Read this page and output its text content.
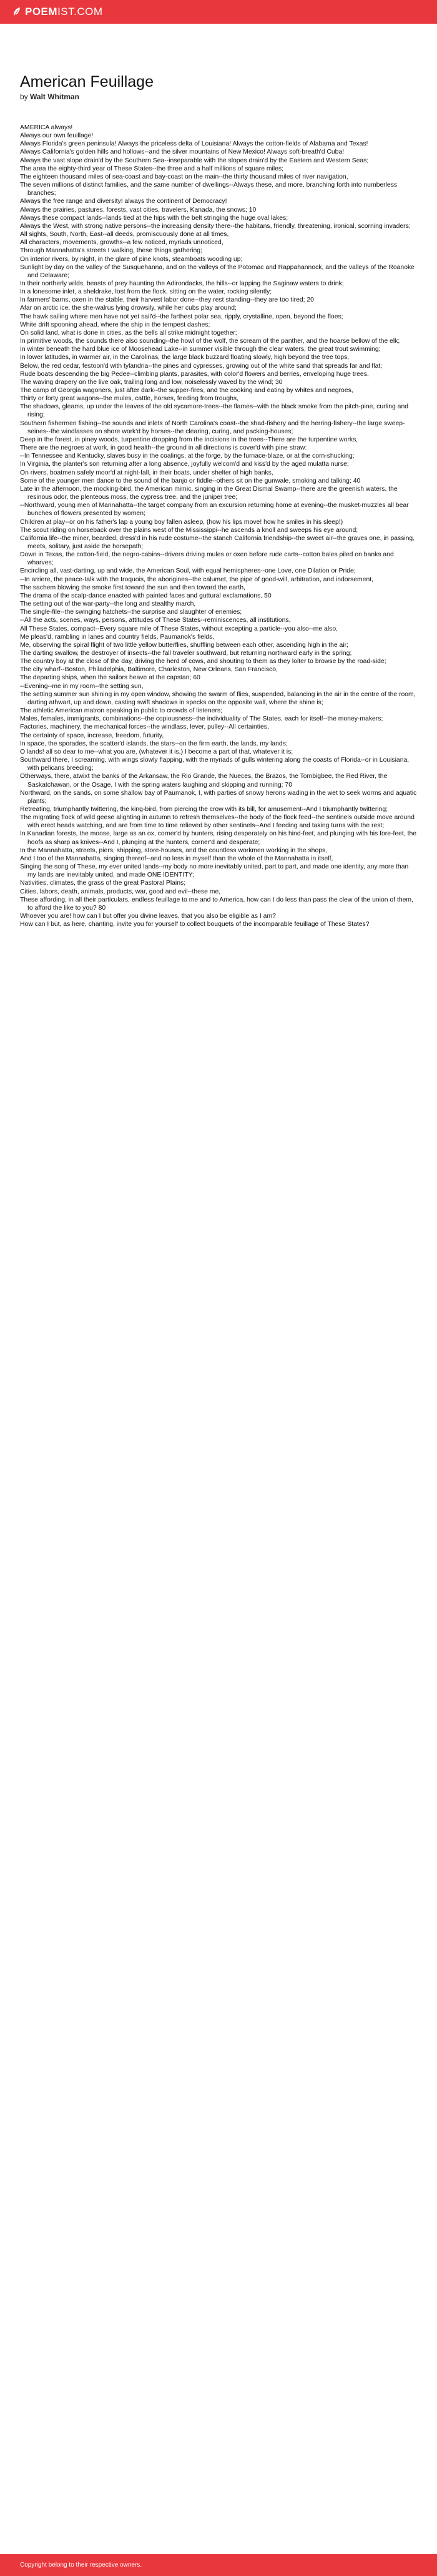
POEMIST.COM
American Feuillage
by Walt Whitman
AMERICA always!
Always our own feuillage!
Always Florida's green peninsula! Always the priceless delta of Louisiana! Always the cotton-fields of Alabama and Texas!
Always California's golden hills and hollows--and the silver mountains of New Mexico! Always soft-breath'd Cuba!
Always the vast slope drain'd by the Southern Sea--inseparable with the slopes drain'd by the Eastern and Western Seas;
The area the eighty-third year of These States--the three and a half millions of square miles;
The eighteen thousand miles of sea-coast and bay-coast on the main--the thirty thousand miles of river navigation,
The seven millions of distinct families, and the same number of dwellings--Always these, and more, branching forth into numberless branches;
Always the free range and diversity! always the continent of Democracy!
Always the prairies, pastures, forests, vast cities, travelers, Kanada, the snows; 10
Always these compact lands--lands tied at the hips with the belt stringing the huge oval lakes;
Always the West, with strong native persons--the increasing density there--the habitans, friendly, threatening, ironical, scorning invaders;
All sights, South, North, East--all deeds, promiscuously done at all times,
All characters, movements, growths--a few noticed, myriads unnoticed,
Through Mannahatta's streets I walking, these things gathering;
On interior rivers, by night, in the glare of pine knots, steamboats wooding up;
Sunlight by day on the valley of the Susquehanna, and on the valleys of the Potomac and Rappahannock, and the valleys of the Roanoke and Delaware;
In their northerly wilds, beasts of prey haunting the Adirondacks, the hills--or lapping the Saginaw waters to drink;
In a lonesome inlet, a sheldrake, lost from the flock, sitting on the water, rocking silently;
In farmers' barns, oxen in the stable, their harvest labor done--they rest standing--they are too tired; 20
Afar on arctic ice, the she-walrus lying drowsily, while her cubs play around;
The hawk sailing where men have not yet sail'd--the farthest polar sea, ripply, crystalline, open, beyond the floes;
White drift spooning ahead, where the ship in the tempest dashes;
On solid land, what is done in cities, as the bells all strike midnight together;
In primitive woods, the sounds there also sounding--the howl of the wolf, the scream of the panther, and the hoarse bellow of the elk;
In winter beneath the hard blue ice of Moosehead Lake--in summer visible through the clear waters, the great trout swimming;
In lower latitudes, in warmer air, in the Carolinas, the large black buzzard floating slowly, high beyond the tree tops,
Below, the red cedar, festoon'd with tylandria--the pines and cypresses, growing out of the white sand that spreads far and flat;
Rude boats descending the big Pedee--climbing plants, parasites, with color'd flowers and berries, enveloping huge trees,
The waving drapery on the live oak, trailing long and low, noiselessly waved by the wind; 30
The camp of Georgia wagoners, just after dark--the supper-fires, and the cooking and eating by whites and negroes,
Thirty or forty great wagons--the mules, cattle, horses, feeding from troughs,
The shadows, gleams, up under the leaves of the old sycamore-trees--the flames--with the black smoke from the pitch-pine, curling and rising;
Southern fishermen fishing--the sounds and inlets of North Carolina's coast--the shad-fishery and the herring-fishery--the large sweep-seines--the windlasses on shore work'd by horses--the clearing, curing, and packing-houses;
Deep in the forest, in piney woods, turpentine dropping from the incisions in the trees--There are the turpentine works,
There are the negroes at work, in good health--the ground in all directions is cover'd with pine straw:
--In Tennessee and Kentucky, slaves busy in the coalings, at the forge, by the furnace-blaze, or at the corn-shucking;
In Virginia, the planter's son returning after a long absence, joyfully welcom'd and kiss'd by the aged mulatta nurse;
On rivers, boatmen safely moor'd at night-fall, in their boats, under shelter of high banks,
Some of the younger men dance to the sound of the banjo or fiddle--others sit on the gunwale, smoking and talking; 40
Late in the afternoon, the mocking-bird, the American mimic, singing in the Great Dismal Swamp--there are the greenish waters, the resinous odor, the plenteous moss, the cypress tree, and the juniper tree;
--Northward, young men of Mannahatta--the target company from an excursion returning home at evening--the musket-muzzles all bear bunches of flowers presented by women;
Children at play--or on his father's lap a young boy fallen asleep, (how his lips move! how he smiles in his sleep!)
The scout riding on horseback over the plains west of the Mississippi--he ascends a knoll and sweeps his eye around;
California life--the miner, bearded, dress'd in his rude costume--the stanch California friendship--the sweet air--the graves one, in passing, meets, solitary, just aside the horsepath;
Down in Texas, the cotton-field, the negro-cabins--drivers driving mules or oxen before rude carts--cotton bales piled on banks and wharves;
Encircling all, vast-darting, up and wide, the American Soul, with equal hemispheres--one Love, one Dilation or Pride;
--In arriere, the peace-talk with the Iroquois, the aborigines--the calumet, the pipe of good-will, arbitration, and indorsement,
The sachem blowing the smoke first toward the sun and then toward the earth,
The drama of the scalp-dance enacted with painted faces and guttural exclamations, 50
The setting out of the war-party--the long and stealthy march,
The single-file--the swinging hatchets--the surprise and slaughter of enemies;
--All the acts, scenes, ways, persons, attitudes of These States--reminiscences, all institutions,
All These States, compact--Every square mile of These States, without excepting a particle--you also--me also,
Me pleas'd, rambling in lanes and country fields, Paumanok's fields,
Me, observing the spiral flight of two little yellow butterflies, shuffling between each other, ascending high in the air;
The darting swallow, the destroyer of insects--the fall traveler southward, but returning northward early in the spring;
The country boy at the close of the day, driving the herd of cows, and shouting to them as they loiter to browse by the road-side;
The city wharf--Boston, Philadelphia, Baltimore, Charleston, New Orleans, San Francisco,
The departing ships, when the sailors heave at the capstan; 60
--Evening--me in my room--the setting sun,
The setting summer sun shining in my open window, showing the swarm of flies, suspended, balancing in the air in the centre of the room, darting athwart, up and down, casting swift shadows in specks on the opposite wall, where the shine is;
The athletic American matron speaking in public to crowds of listeners;
Males, females, immigrants, combinations--the copiousness--the individuality of The States, each for itself--the money-makers;
Factories, machinery, the mechanical forces--the windlass, lever, pulley--All certainties,
The certainty of space, increase, freedom, futurity,
In space, the sporades, the scatter'd islands, the stars--on the firm earth, the lands, my lands;
O lands! all so dear to me--what you are, (whatever it is,) I become a part of that, whatever it is;
Southward there, I screaming, with wings slowly flapping, with the myriads of gulls wintering along the coasts of Florida--or in Louisiana, with pelicans breeding;
Otherways, there, atwixt the banks of the Arkansaw, the Rio Grande, the Nueces, the Brazos, the Tombigbee, the Red River, the Saskatchawan, or the Osage, I with the spring waters laughing and skipping and running; 70
Northward, on the sands, on some shallow bay of Paumanok, I, with parties of snowy herons wading in the wet to seek worms and aquatic plants;
Retreating, triumphantly twittering, the king-bird, from piercing the crow with its bill, for amusement--And I triumphantly twittering;
The migrating flock of wild geese alighting in autumn to refresh themselves--the body of the flock feed--the sentinels outside move around with erect heads watching, and are from time to time relieved by other sentinels--And I feeding and taking turns with the rest;
In Kanadian forests, the moose, large as an ox, corner'd by hunters, rising desperately on his hind-feet, and plunging with his fore-feet, the hoofs as sharp as knives--And I, plunging at the hunters, corner'd and desperate;
In the Mannahatta, streets, piers, shipping, store-houses, and the countless workmen working in the shops,
And I too of the Mannahatta, singing thereof--and no less in myself than the whole of the Mannahatta in itself,
Singing the song of These, my ever united lands--my body no more inevitably united, part to part, and made one identity, any more than my lands are inevitably united, and made ONE IDENTITY;
Nativities, climates, the grass of the great Pastoral Plains;
Cities, labors, death, animals, products, war, good and evil--these me,
These affording, in all their particulars, endless feuillage to me and to America, how can I do less than pass the clew of the union of them, to afford the like to you? 80
Whoever you are! how can I but offer you divine leaves, that you also be eligible as I am?
How can I but, as here, chanting, invite you for yourself to collect bouquets of the incomparable feuillage of These States?
Copyright belong to their respective owners.
